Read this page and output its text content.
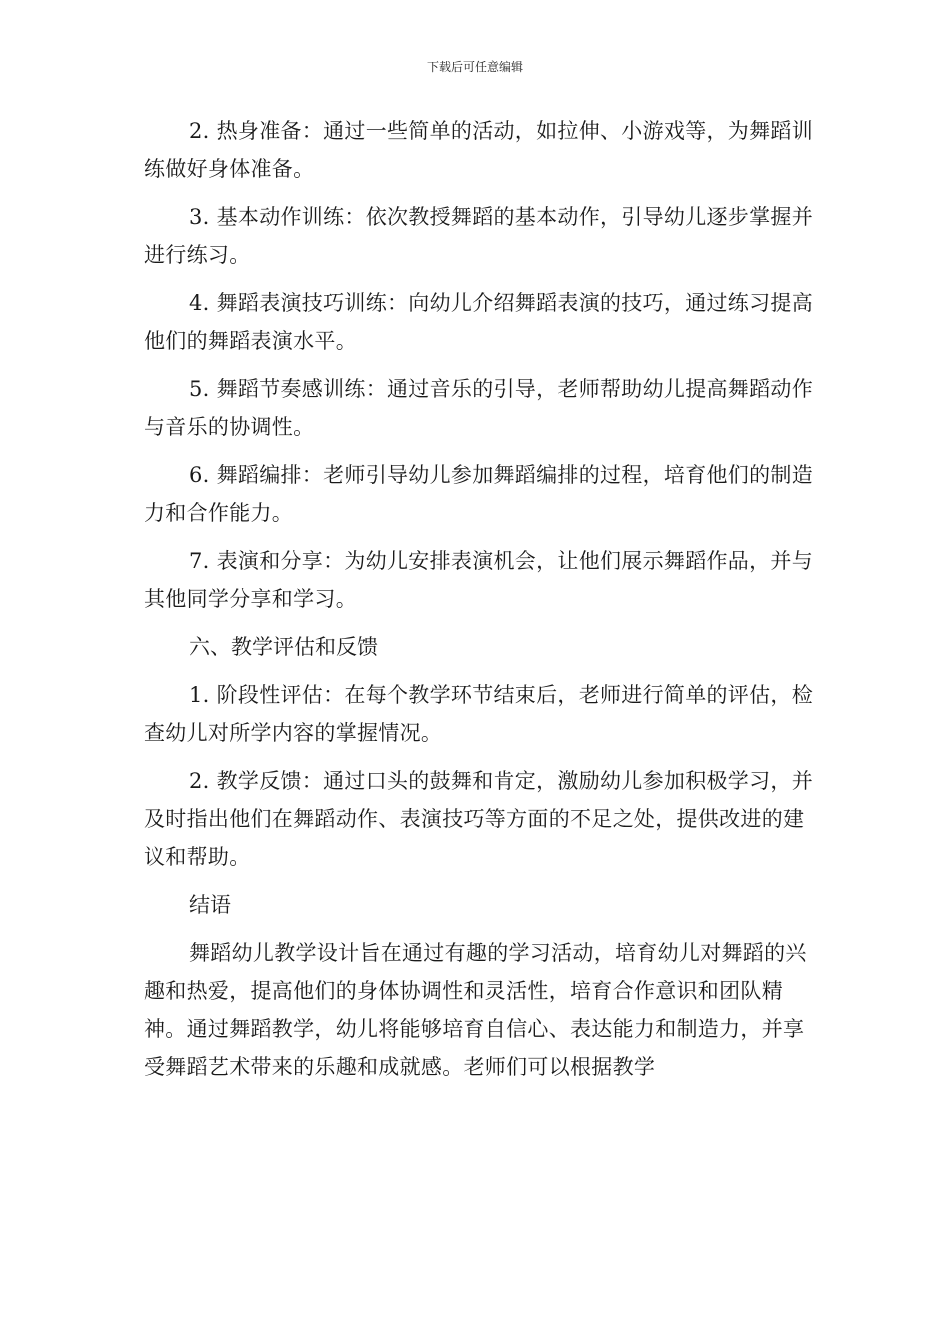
下载后可任意编辑

2. 热身准备：通过一些简单的活动，如拉伸、小游戏等，为舞蹈训练做好身体准备。

3. 基本动作训练：依次教授舞蹈的基本动作，引导幼儿逐步掌握并进行练习。

4. 舞蹈表演技巧训练：向幼儿介绍舞蹈表演的技巧，通过练习提高他们的舞蹈表演水平。

5. 舞蹈节奏感训练：通过音乐的引导，老师帮助幼儿提高舞蹈动作与音乐的协调性。

6. 舞蹈编排：老师引导幼儿参加舞蹈编排的过程，培育他们的制造力和合作能力。

7. 表演和分享：为幼儿安排表演机会，让他们展示舞蹈作品，并与其他同学分享和学习。

六、教学评估和反馈

1. 阶段性评估：在每个教学环节结束后，老师进行简单的评估，检查幼儿对所学内容的掌握情况。

2. 教学反馈：通过口头的鼓舞和肯定，激励幼儿参加积极学习，并及时指出他们在舞蹈动作、表演技巧等方面的不足之处，提供改进的建议和帮助。

结语

舞蹈幼儿教学设计旨在通过有趣的学习活动，培育幼儿对舞蹈的兴趣和热爱，提高他们的身体协调性和灵活性，培育合作意识和团队精神。通过舞蹈教学，幼儿将能够培育自信心、表达能力和制造力，并享受舞蹈艺术带来的乐趣和成就感。老师们可以根据教学
